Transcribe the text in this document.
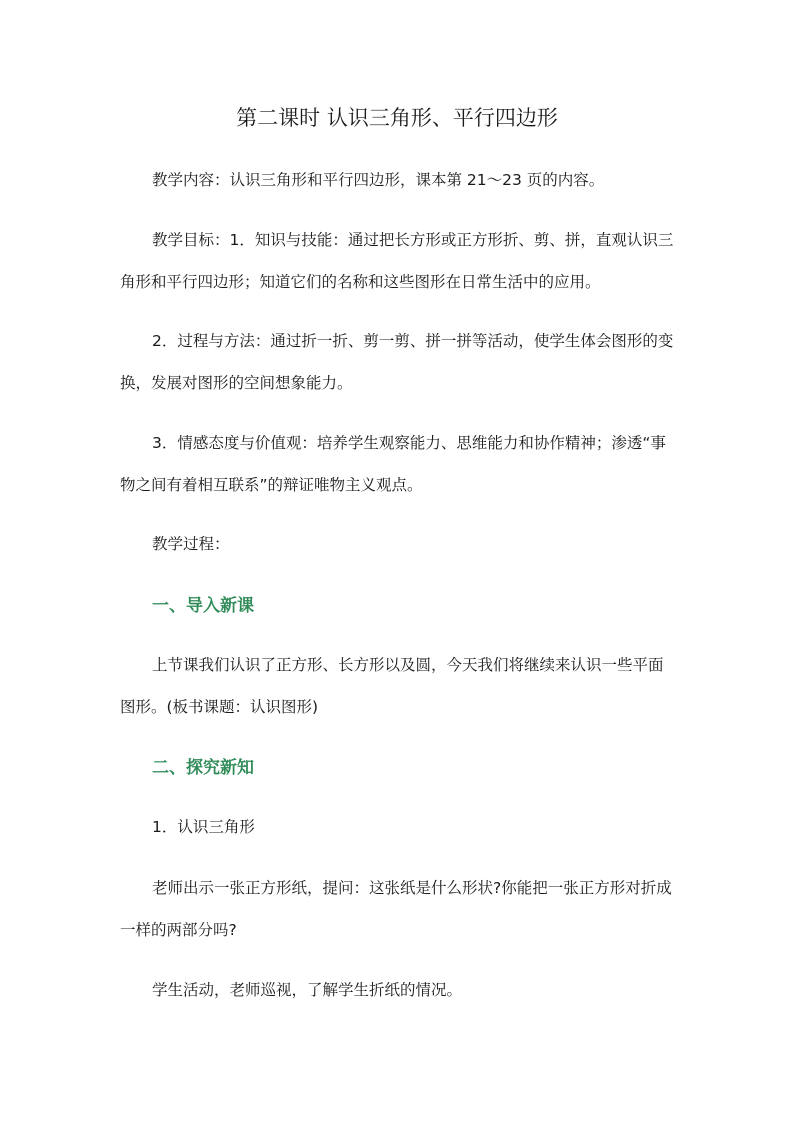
第二课时 认识三角形、平行四边形

教学内容：认识三角形和平行四边形，课本第 21～23 页的内容。

教学目标：1．知识与技能：通过把长方形或正方形折、剪、拼，直观认识三角形和平行四边形；知道它们的名称和这些图形在日常生活中的应用。

2．过程与方法：通过折一折、剪一剪、拼一拼等活动，使学生体会图形的变换，发展对图形的空间想象能力。

3．情感态度与价值观：培养学生观察能力、思维能力和协作精神；渗透“事物之间有着相互联系”的辩证唯物主义观点。

教学过程：

一、导入新课

上节课我们认识了正方形、长方形以及圆，今天我们将继续来认识一些平面图形。(板书课题：认识图形)

二、探究新知

1．认识三角形

老师出示一张正方形纸，提问：这张纸是什么形状?你能把一张正方形对折成一样的两部分吗?

学生活动，老师巡视，了解学生折纸的情况。
